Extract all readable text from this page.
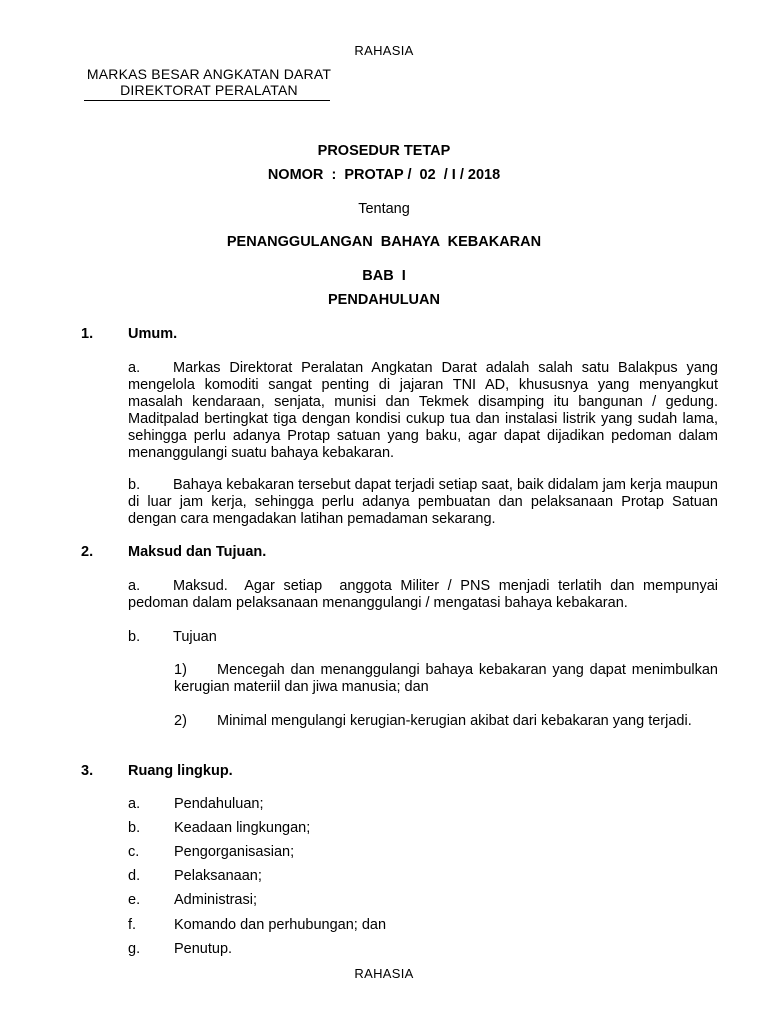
RAHASIA
MARKAS BESAR ANGKATAN DARAT
DIREKTORAT PERALATAN
PROSEDUR TETAP
NOMOR  :  PROTAP /  02  / I / 2018
Tentang
PENANGGULANGAN  BAHAYA  KEBAKARAN
BAB  I
PENDAHULUAN
1. Umum.
a. Markas Direktorat Peralatan Angkatan Darat adalah salah satu Balakpus yang mengelola komoditi sangat penting di jajaran TNI AD, khususnya yang menyangkut masalah kendaraan, senjata, munisi dan Tekmek disamping itu bangunan / gedung. Maditpalad bertingkat tiga dengan kondisi cukup tua dan instalasi listrik yang sudah lama, sehingga perlu adanya Protap satuan yang baku, agar dapat dijadikan pedoman dalam menanggulangi suatu bahaya kebakaran.
b. Bahaya kebakaran tersebut dapat terjadi setiap saat, baik didalam jam kerja maupun di luar jam kerja, sehingga perlu adanya pembuatan dan pelaksanaan Protap Satuan dengan cara mengadakan latihan pemadaman sekarang.
2. Maksud dan Tujuan.
a. Maksud.  Agar setiap  anggota Militer / PNS menjadi terlatih dan mempunyai pedoman dalam pelaksanaan menanggulangi / mengatasi bahaya kebakaran.
b. Tujuan
1) Mencegah dan menanggulangi bahaya kebakaran yang dapat menimbulkan kerugian materiil dan jiwa manusia; dan
2) Minimal mengulangi kerugian-kerugian akibat dari kebakaran yang terjadi.
3. Ruang lingkup.
a. Pendahuluan;
b. Keadaan lingkungan;
c. Pengorganisasian;
d. Pelaksanaan;
e. Administrasi;
f.	Komando dan perhubungan; dan
g. Penutup.
RAHASIA
